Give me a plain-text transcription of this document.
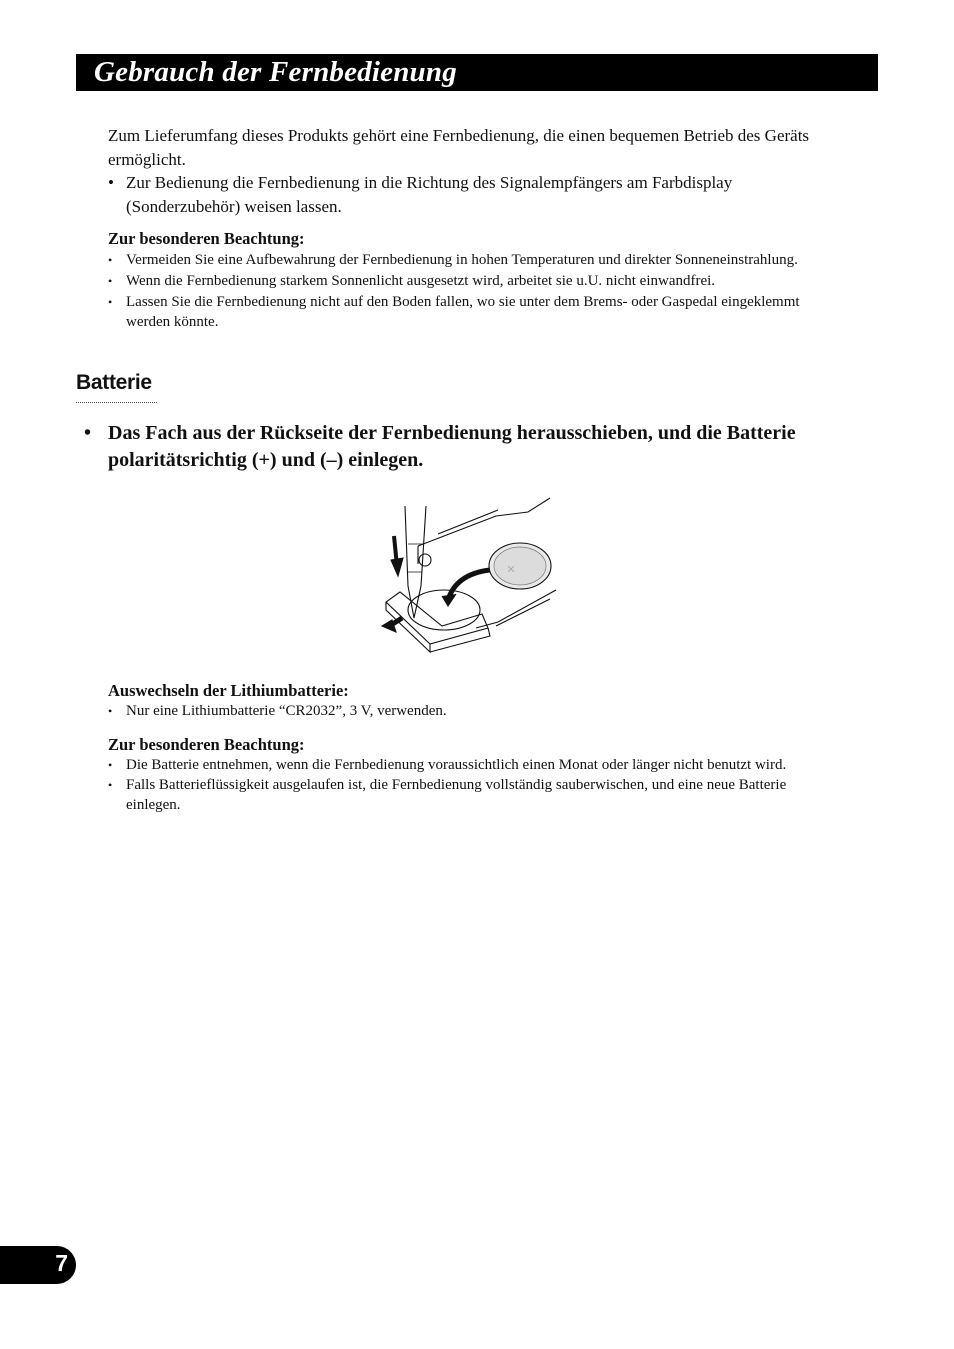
Gebrauch der Fernbedienung

Zum Lieferumfang dieses Produkts gehört eine Fernbedienung, die einen bequemen Betrieb des Geräts ermöglicht.

• Zur Bedienung die Fernbedienung in die Richtung des Signalempfängers am Farbdisplay (Sonderzubehör) weisen lassen.

Zur besonderen Beachtung:

• Vermeiden Sie eine Aufbewahrung der Fernbedienung in hohen Temperaturen und direkter Sonneneinstrahlung.
• Wenn die Fernbedienung starkem Sonnenlicht ausgesetzt wird, arbeitet sie u.U. nicht einwandfrei.
• Lassen Sie die Fernbedienung nicht auf den Boden fallen, wo sie unter dem Brems- oder Gaspedal eingeklemmt werden könnte.
Batterie
• Das Fach aus der Rückseite der Fernbedienung herausschieben, und die Batterie polaritätsrichtig (+) und (–) einlegen.

Auswechseln der Lithiumbatterie:

• Nur eine Lithiumbatterie “CR2032”, 3 V, verwenden.

Zur besonderen Beachtung:

• Die Batterie entnehmen, wenn die Fernbedienung voraussichtlich einen Monat oder länger nicht benutzt wird.
• Falls Batterieflüssigkeit ausgelaufen ist, die Fernbedienung vollständig sauberwischen, und eine neue Batterie einlegen.
7
